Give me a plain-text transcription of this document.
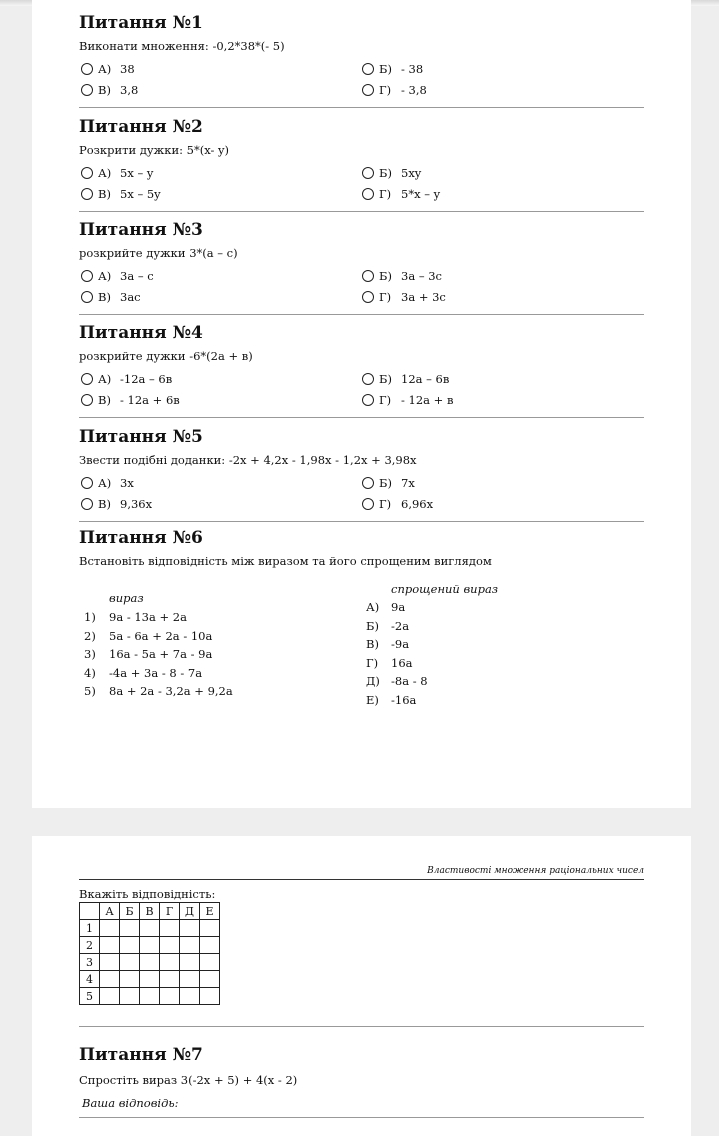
Питання №1
Виконати множення: -0,2*38*(- 5)
А) 38	Б) - 38
В) 3,8	Г) - 3,8
Питання №2
Розкрити дужки: 5*(x- y)
А) 5x – y	Б) 5xy
В) 5x – 5y	Г) 5*x – y
Питання №3
розкрийте дужки 3*(а – с)
А) 3а – с	Б) 3а – 3с
В) 3ас	Г) 3а + 3с
Питання №4
розкрийте дужки -6*(2а + в)
А) -12а – 6в	Б) 12а – 6в
В) - 12а + 6в	Г) - 12а + в
Питання №5
Звести подібні доданки: -2х + 4,2х - 1,98х - 1,2х + 3,98х
А) 3х	Б) 7х
В) 9,36х	Г) 6,96х
Питання №6
Встановіть відповідність між виразом та його спрощеним виглядом
вираз
1) 9а - 13а + 2а
2) 5а - 6а + 2а - 10а
3) 16а - 5а + 7а - 9а
4) -4а + 3а - 8 - 7а
5) 8а + 2а - 3,2а + 9,2а
спрощений вираз
А) 9а
Б) -2а
В) -9а
Г) 16а
Д) -8а - 8
Е) -16а
Властивості множення раціональних чисел
Вкажіть відповідність:
	А	Б	В	Г	Д	Е
1						
2						
3						
4						
5						
Питання №7
Спростіть вираз 3(-2х + 5) + 4(х - 2)
Ваша відповідь:
